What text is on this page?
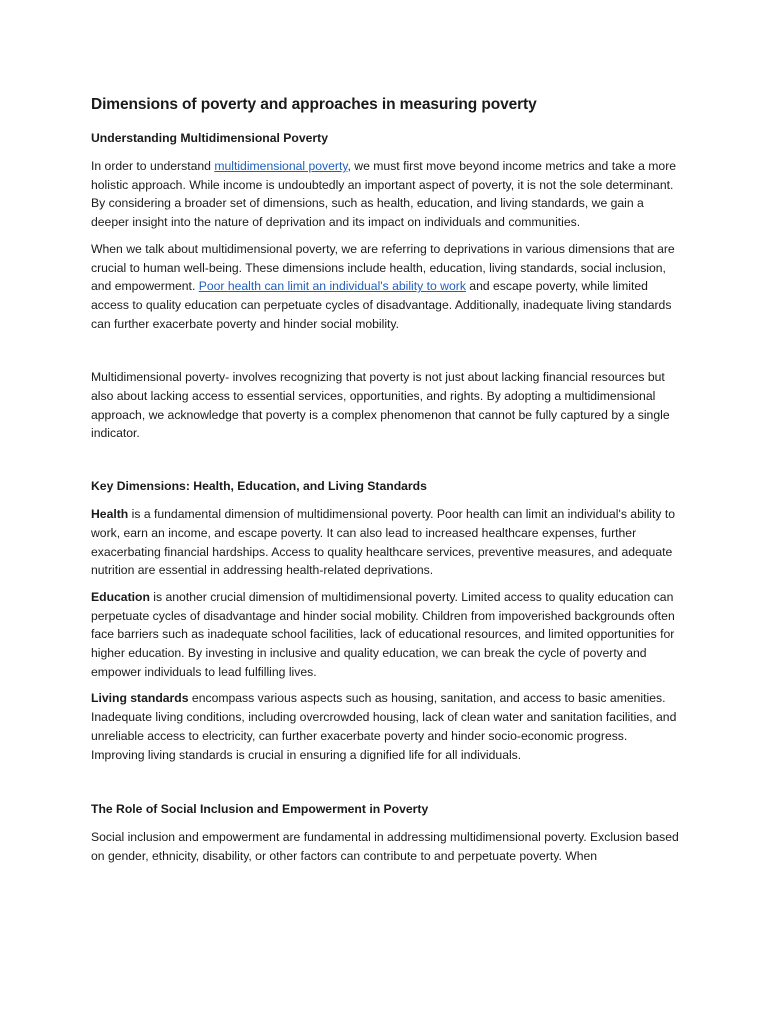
Dimensions of poverty and approaches in measuring poverty
Understanding Multidimensional Poverty

In order to understand multidimensional poverty, we must first move beyond income metrics and take a more holistic approach. While income is undoubtedly an important aspect of poverty, it is not the sole determinant. By considering a broader set of dimensions, such as health, education, and living standards, we gain a deeper insight into the nature of deprivation and its impact on individuals and communities.

When we talk about multidimensional poverty, we are referring to deprivations in various dimensions that are crucial to human well-being. These dimensions include health, education, living standards, social inclusion, and empowerment. Poor health can limit an individual's ability to work and escape poverty, while limited access to quality education can perpetuate cycles of disadvantage. Additionally, inadequate living standards can further exacerbate poverty and hinder social mobility.

Multidimensional poverty- involves recognizing that poverty is not just about lacking financial resources but also about lacking access to essential services, opportunities, and rights. By adopting a multidimensional approach, we acknowledge that poverty is a complex phenomenon that cannot be fully captured by a single indicator.

Key Dimensions: Health, Education, and Living Standards

Health is a fundamental dimension of multidimensional poverty. Poor health can limit an individual's ability to work, earn an income, and escape poverty. It can also lead to increased healthcare expenses, further exacerbating financial hardships. Access to quality healthcare services, preventive measures, and adequate nutrition are essential in addressing health-related deprivations.

Education is another crucial dimension of multidimensional poverty. Limited access to quality education can perpetuate cycles of disadvantage and hinder social mobility. Children from impoverished backgrounds often face barriers such as inadequate school facilities, lack of educational resources, and limited opportunities for higher education. By investing in inclusive and quality education, we can break the cycle of poverty and empower individuals to lead fulfilling lives.

Living standards encompass various aspects such as housing, sanitation, and access to basic amenities. Inadequate living conditions, including overcrowded housing, lack of clean water and sanitation facilities, and unreliable access to electricity, can further exacerbate poverty and hinder socio-economic progress. Improving living standards is crucial in ensuring a dignified life for all individuals.

The Role of Social Inclusion and Empowerment in Poverty

Social inclusion and empowerment are fundamental in addressing multidimensional poverty. Exclusion based on gender, ethnicity, disability, or other factors can contribute to and perpetuate poverty. When
